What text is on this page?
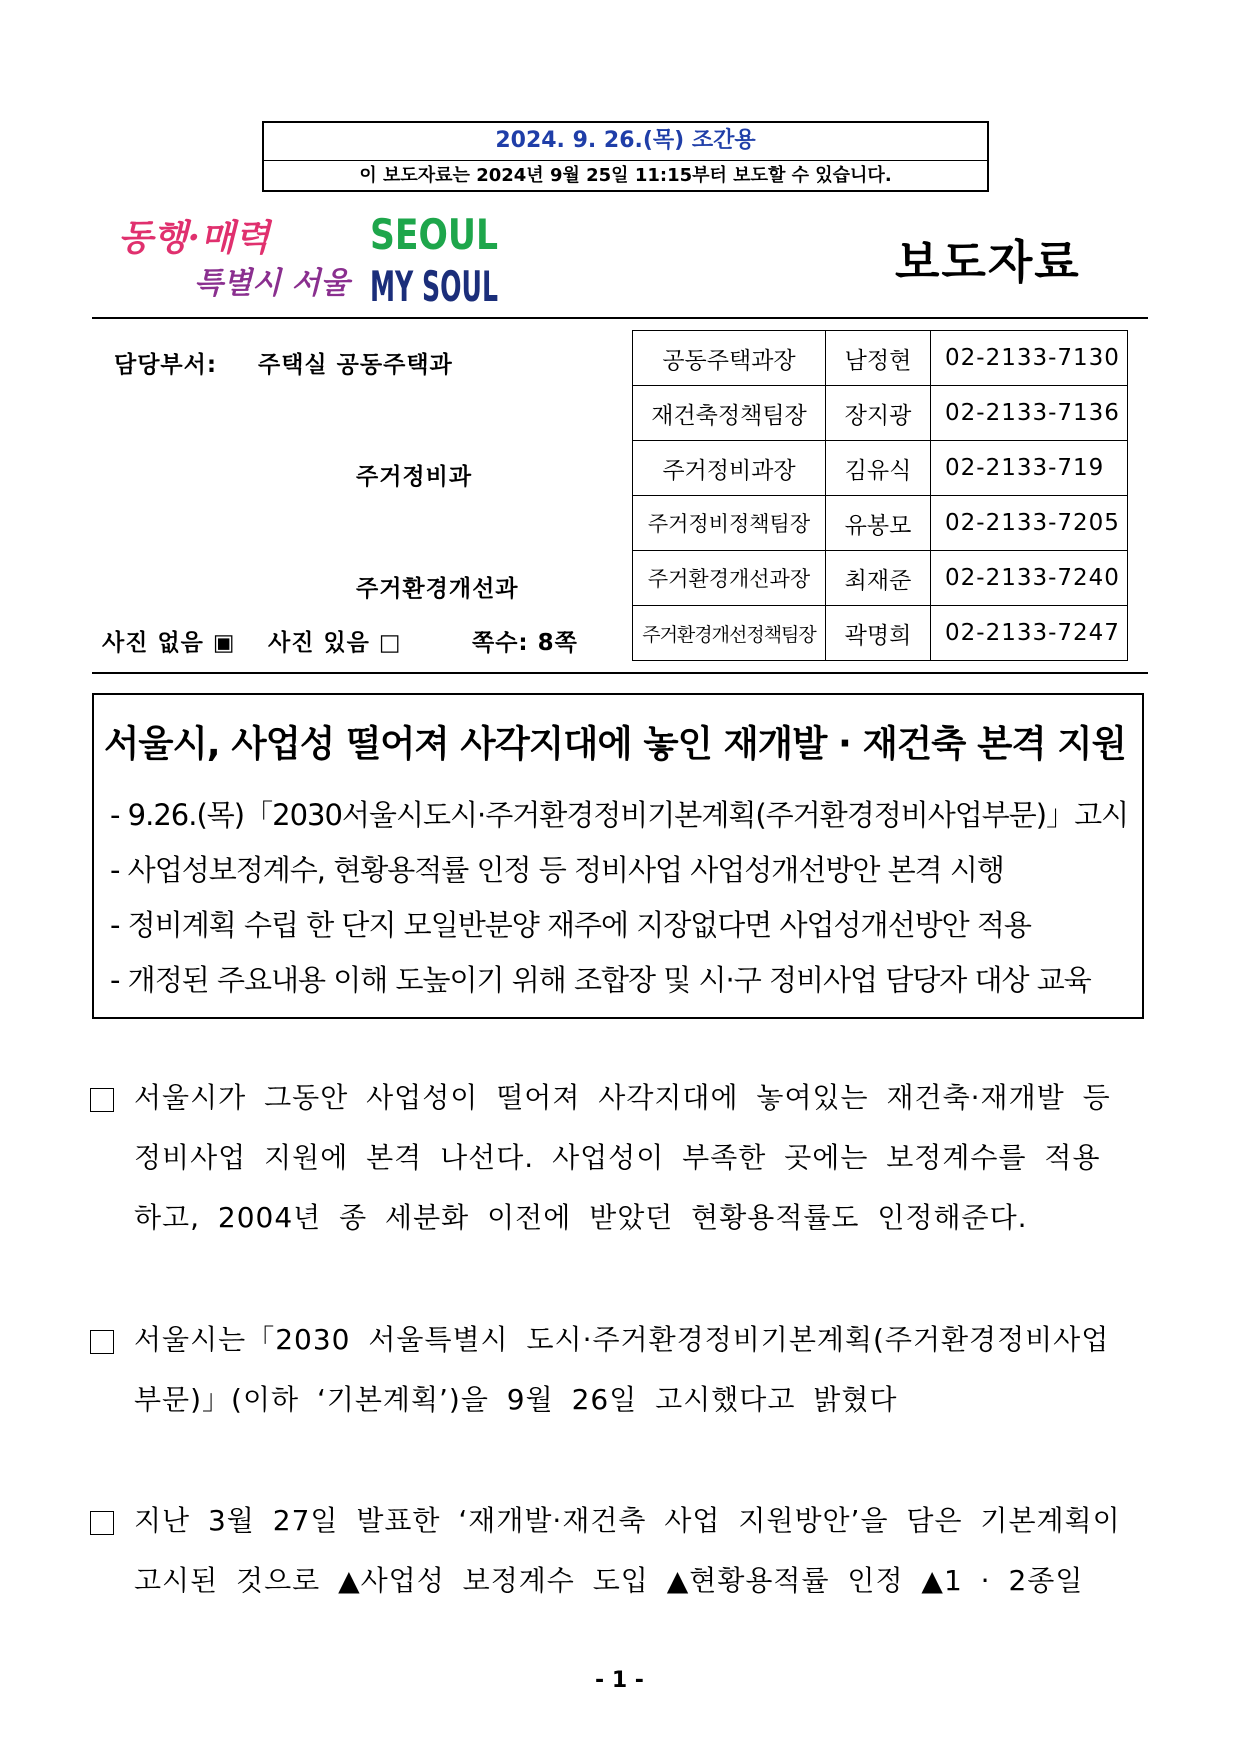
2024. 9. 26.(목) 조간용
이 보도자료는 2024년 9월 25일 11:15부터 보도할 수 있습니다.
동행·매력
특별시 서울
SEOUL
MY SOUL	보도자료
담당부서: 주택실 공동주택과
주거정비과
주거환경개선과
사진 없음 ▣ 사진 있음 □	쪽수: 8쪽
공동주택과장	남정현	02-2133-7130
재건축정책팀장	장지광	02-2133-7136
주거정비과장	김유식	02-2133-719
주거정비정책팀장	유봉모	02-2133-7205
주거환경개선과장	최재준	02-2133-7240
주거환경개선정책팀장	곽명희	02-2133-7247
서울시, 사업성 떨어져 사각지대에 놓인 재개발 · 재건축 본격 지원
- 9.26.(목)「2030서울시도시·주거환경정비기본계획(주거환경정비사업부문)」고시
- 사업성보정계수, 현황용적률 인정 등 정비사업 사업성개선방안 본격 시행
- 정비계획 수립 한 단지 모일반분양 재주에 지장없다면 사업성개선방안 적용
- 개정된 주요내용 이해 도높이기 위해 조합장 및 시·구 정비사업 담당자 대상 교육
서울시가 그동안 사업성이 떨어져 사각지대에 놓여있는 재건축·재개발 등
정비사업 지원에 본격 나선다. 사업성이 부족한 곳에는 보정계수를 적용
하고, 2004년 종 세분화 이전에 받았던 현황용적률도 인정해준다.
서울시는「2030 서울특별시 도시·주거환경정비기본계획(주거환경정비사업
부문)」(이하 ‘기본계획’)을 9월 26일 고시했다고 밝혔다
지난 3월 27일 발표한 ‘재개발·재건축 사업 지원방안’을 담은 기본계획이
고시된 것으로 ▲사업성 보정계수 도입 ▲현황용적률 인정 ▲1 · 2종일
- 1 -
